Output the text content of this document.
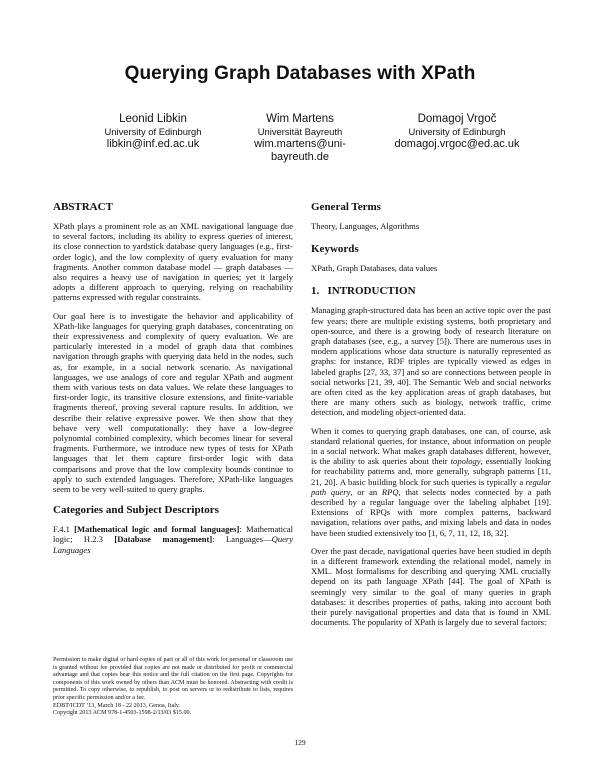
Querying Graph Databases with XPath
Leonid Libkin
University of Edinburgh
libkin@inf.ed.ac.uk
Wim Martens
Universität Bayreuth
wim.martens@uni-bayreuth.de
Domagoj Vrgoč
University of Edinburgh
domagoj.vrgoc@ed.ac.uk
ABSTRACT

XPath plays a prominent role as an XML navigational language due to several factors, including its ability to express queries of interest, its close connection to yardstick database query languages (e.g., first-order logic), and the low complexity of query evaluation for many fragments. Another common database model — graph databases — also requires a heavy use of navigation in queries; yet it largely adopts a different approach to querying, relying on reachability patterns expressed with regular constraints.

Our goal here is to investigate the behavior and applicability of XPath-like languages for querying graph databases, concentrating on their expressiveness and complexity of query evaluation. We are particularly interested in a model of graph data that combines navigation through graphs with querying data held in the nodes, such as, for example, in a social network scenario. As navigational languages, we use analogs of core and regular XPath and augment them with various tests on data values. We relate these languages to first-order logic, its transitive closure extensions, and finite-variable fragments thereof, proving several capture results. In addition, we describe their relative expressive power. We then show that they behave very well computationally: they have a low-degree polynomial combined complexity, which becomes linear for several fragments. Furthermore, we introduce new types of tests for XPath languages that let them capture first-order logic with data comparisons and prove that the low complexity bounds continue to apply to such extended languages. Therefore, XPath-like languages seem to be very well-suited to query graphs.

Categories and Subject Descriptors
F.4.1 [Mathematical logic and formal languages]: Mathematical logic; H.2.3 [Database management]: Languages—Query Languages
Permission to make digital or hard copies of part or all of this work for personal or classroom use is granted without fee provided that copies are not made or distributed for profit or commercial advantage and that copies bear this notice and the full citation on the first page. Copyrights for components of this work owned by others than ACM must be honored. Abstracting with credit is permitted. To copy otherwise, to republish, to post on servers or to redistribute to lists, requires prior specific permission and/or a fee.
EDBT/ICDT ’13, March 18 - 22 2013, Genoa, Italy.
Copyright 2013 ACM 978-1-4503-1598-2/13/03 $15.00.
General Terms

Theory, Languages, Algorithms

Keywords

XPath, Graph Databases, data values

1.   INTRODUCTION

Managing graph-structured data has been an active topic over the past few years; there are multiple existing systems, both proprietary and open-source, and there is a growing body of research literature on graph databases (see, e.g., a survey [5]). There are numerous uses in modern applications whose data structure is naturally represented as graphs: for instance, RDF triples are typically viewed as edges in labeled graphs [27, 33, 37] and so are connections between people in social networks [21, 39, 40]. The Semantic Web and social networks are often cited as the key application areas of graph databases, but there are many others such as biology, network traffic, crime detection, and modeling object-oriented data.

When it comes to querying graph databases, one can, of course, ask standard relational queries, for instance, about information on people in a social network. What makes graph databases different, however, is the ability to ask queries about their topology, essentially looking for reachability patterns and, more generally, subgraph patterns [11, 21, 20]. A basic building block for such queries is typically a regular path query, or an RPQ, that selects nodes connected by a path described by a regular language over the labeling alphabet [19]. Extensions of RPQs with more complex patterns, backward navigation, relations over paths, and mixing labels and data in nodes have been studied extensively too [1, 6, 7, 11, 12, 18, 32].

Over the past decade, navigational queries have been studied in depth in a different framework extending the relational model, namely in XML. Most formalisms for describing and querying XML crucially depend on its path language XPath [44]. The goal of XPath is seemingly very similar to the goal of many queries in graph databases: it describes properties of paths, taking into account both their purely navigational properties and data that is found in XML documents. The popularity of XPath is largely due to several factors:

129
